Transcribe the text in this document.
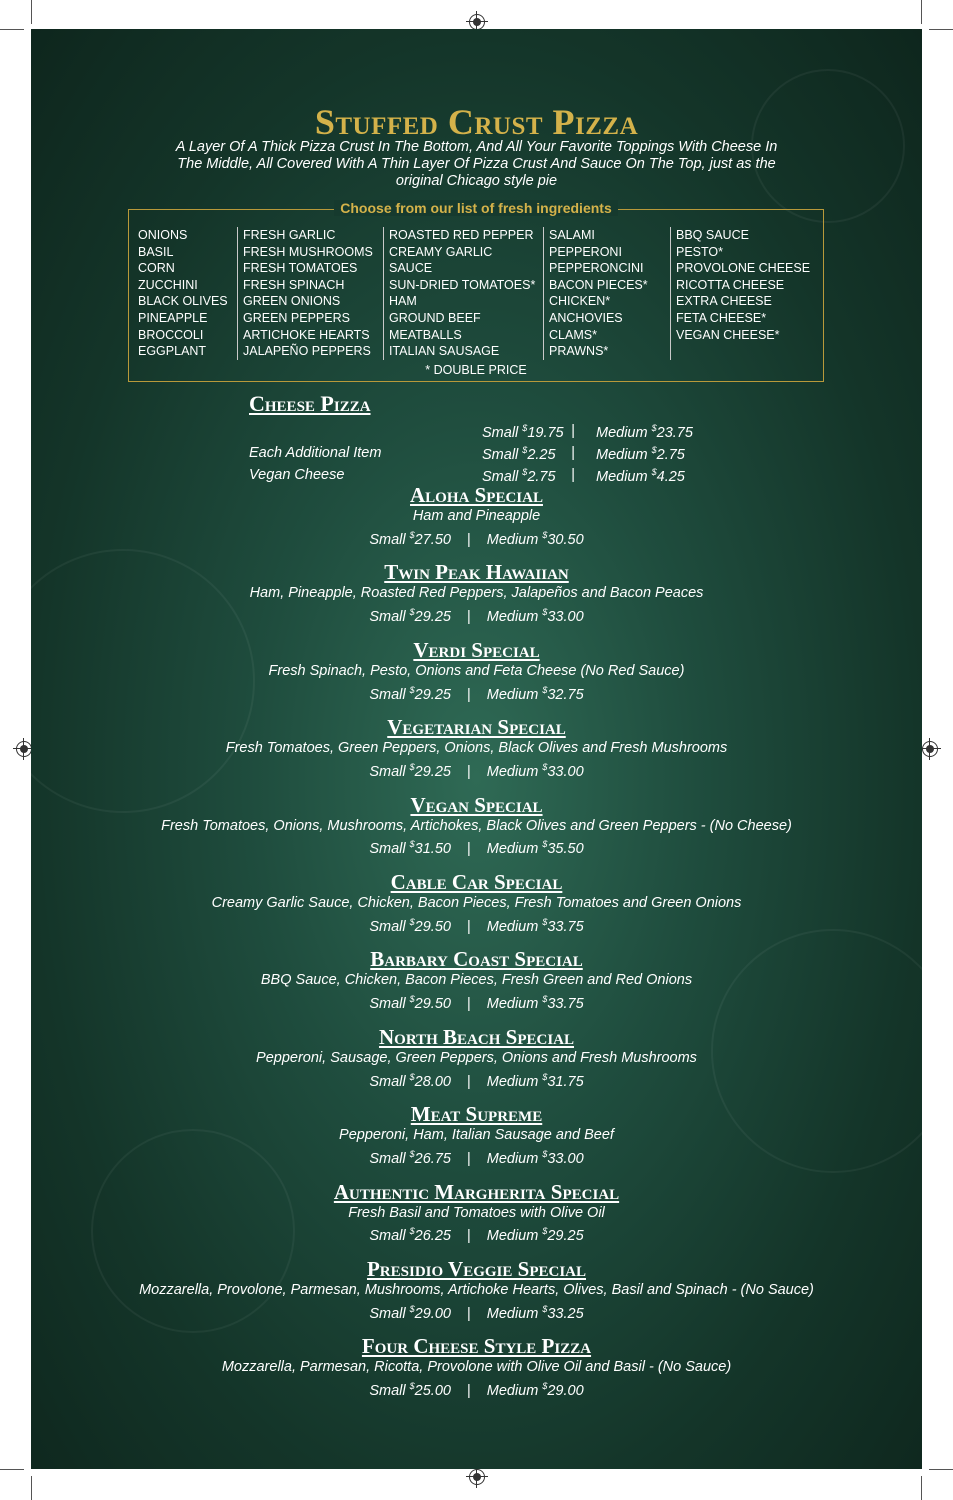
Stuffed Crust Pizza

A Layer Of A Thick Pizza Crust In The Bottom, And All Your Favorite Toppings With Cheese In The Middle, All Covered With A Thin Layer Of Pizza Crust And Sauce On The Top, just as the original Chicago style pie

Choose from our list of fresh ingredients
ONIONS
BASIL
CORN
ZUCCHINI
BLACK OLIVES
PINEAPPLE
BROCCOLI
EGGPLANT
FRESH GARLIC
FRESH MUSHROOMS
FRESH TOMATOES
FRESH SPINACH
GREEN ONIONS
GREEN PEPPERS
ARTICHOKE HEARTS
JALAPEÑO PEPPERS
ROASTED RED PEPPER
CREAMY GARLIC
SAUCE
SUN-DRIED TOMATOES*
HAM
GROUND BEEF
MEATBALLS
ITALIAN SAUSAGE
SALAMI
PEPPERONI
PEPPERONCINI
BACON PIECES*
CHICKEN*
ANCHOVIES
CLAMS*
PRAWNS*
BBQ SAUCE
PESTO*
PROVOLONE CHEESE
RICOTTA CHEESE
EXTRA CHEESE
FETA CHEESE*
VEGAN CHEESE*
* DOUBLE PRICE
Cheese Pizza
Small $19.75 | Medium $23.75
Each Additional Item	Small $2.25 | Medium $2.75
Vegan Cheese	Small $2.75 | Medium $4.25
Aloha Special
Ham and Pineapple
Small $27.50 | Medium $30.50
Twin Peak Hawaiian
Ham, Pineapple, Roasted Red Peppers, Jalapeños and Bacon Peaces
Small $29.25 | Medium $33.00
Verdi Special
Fresh Spinach, Pesto, Onions and Feta Cheese (No Red Sauce)
Small $29.25 | Medium $32.75
Vegetarian Special
Fresh Tomatoes, Green Peppers, Onions, Black Olives and Fresh Mushrooms
Small $29.25 | Medium $33.00
Vegan Special
Fresh Tomatoes, Onions, Mushrooms, Artichokes, Black Olives and Green Peppers - (No Cheese)
Small $31.50 | Medium $35.50
Cable Car Special
Creamy Garlic Sauce, Chicken, Bacon Pieces, Fresh Tomatoes and Green Onions
Small $29.50 | Medium $33.75
Barbary Coast Special
BBQ Sauce, Chicken, Bacon Pieces, Fresh Green and Red Onions
Small $29.50 | Medium $33.75
North Beach Special
Pepperoni, Sausage, Green Peppers, Onions and Fresh Mushrooms
Small $28.00 | Medium $31.75
Meat Supreme
Pepperoni, Ham, Italian Sausage and Beef
Small $26.75 | Medium $33.00
Authentic Margherita Special
Fresh Basil and Tomatoes with Olive Oil
Small $26.25 | Medium $29.25
Presidio Veggie Special
Mozzarella, Provolone, Parmesan, Mushrooms, Artichoke Hearts, Olives, Basil and Spinach - (No Sauce)
Small $29.00 | Medium $33.25
Four Cheese Style Pizza
Mozzarella, Parmesan, Ricotta, Provolone with Olive Oil and Basil - (No Sauce)
Small $25.00 | Medium $29.00
